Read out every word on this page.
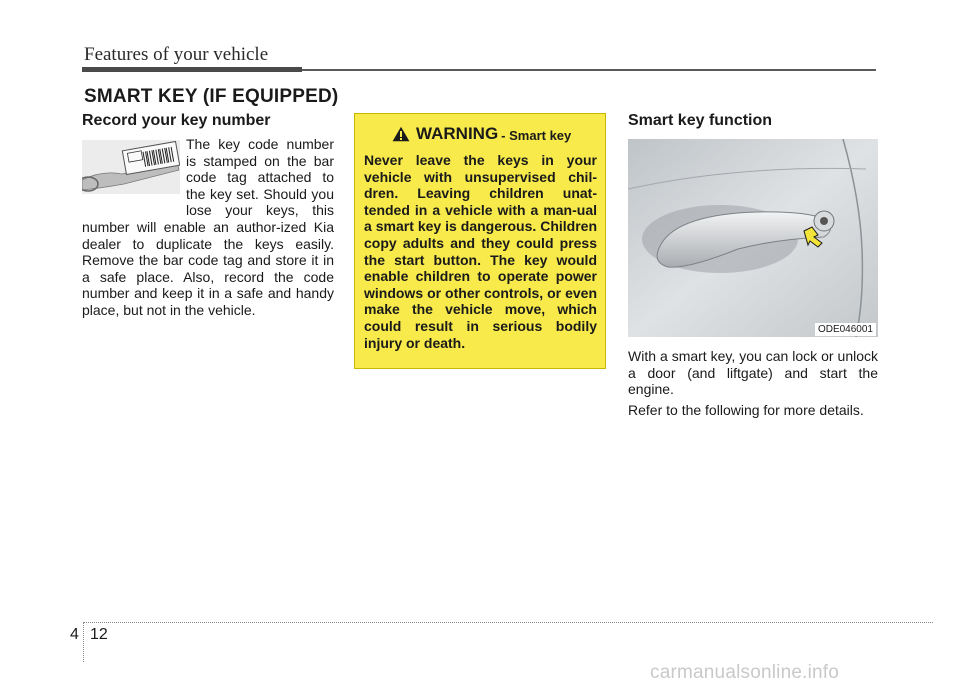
Features of your vehicle
SMART KEY (IF EQUIPPED)
Record your key number

The key code number is stamped on the bar code tag attached to the key set. Should you lose your keys, this number will enable an author-ized Kia dealer to duplicate the keys easily. Remove the bar code tag and store it in a safe place. Also, record the code number and keep it in a safe and handy place, but not in the vehicle.

WARNING - Smart key

Never leave the keys in your vehicle with unsupervised chil-dren. Leaving children unat-tended in a vehicle with a man-ual a smart key is dangerous. Children copy adults and they could press the start button. The key would enable children to operate power windows or other controls, or even make the vehicle move, which could result in serious bodily injury or death.

Smart key function
ODE046001

With a smart key, you can lock or unlock a door (and liftgate) and start the engine.

Refer to the following for more details.

4 12
carmanualsonline.info
